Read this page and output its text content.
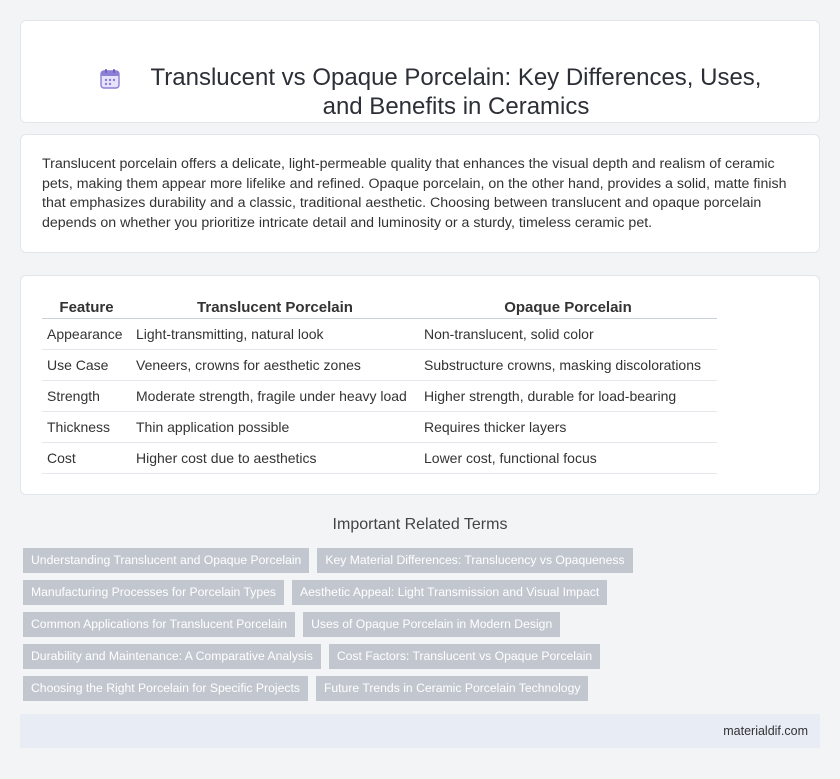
Translucent vs Opaque Porcelain: Key Differences, Uses, and Benefits in Ceramics

Translucent porcelain offers a delicate, light-permeable quality that enhances the visual depth and realism of ceramic pets, making them appear more lifelike and refined. Opaque porcelain, on the other hand, provides a solid, matte finish that emphasizes durability and a classic, traditional aesthetic. Choosing between translucent and opaque porcelain depends on whether you prioritize intricate detail and luminosity or a sturdy, timeless ceramic pet.

Feature	Translucent Porcelain	Opaque Porcelain
Appearance	Light-transmitting, natural look	Non-translucent, solid color
Use Case	Veneers, crowns for aesthetic zones	Substructure crowns, masking discolorations
Strength	Moderate strength, fragile under heavy load	Higher strength, durable for load-bearing
Thickness	Thin application possible	Requires thicker layers
Cost	Higher cost due to aesthetics	Lower cost, functional focus
Important Related Terms
Understanding Translucent and Opaque Porcelain	Key Material Differences: Translucency vs Opaqueness
Manufacturing Processes for Porcelain Types	Aesthetic Appeal: Light Transmission and Visual Impact
Common Applications for Translucent Porcelain	Uses of Opaque Porcelain in Modern Design
Durability and Maintenance: A Comparative Analysis	Cost Factors: Translucent vs Opaque Porcelain
Choosing the Right Porcelain for Specific Projects	Future Trends in Ceramic Porcelain Technology
materialdif.com
